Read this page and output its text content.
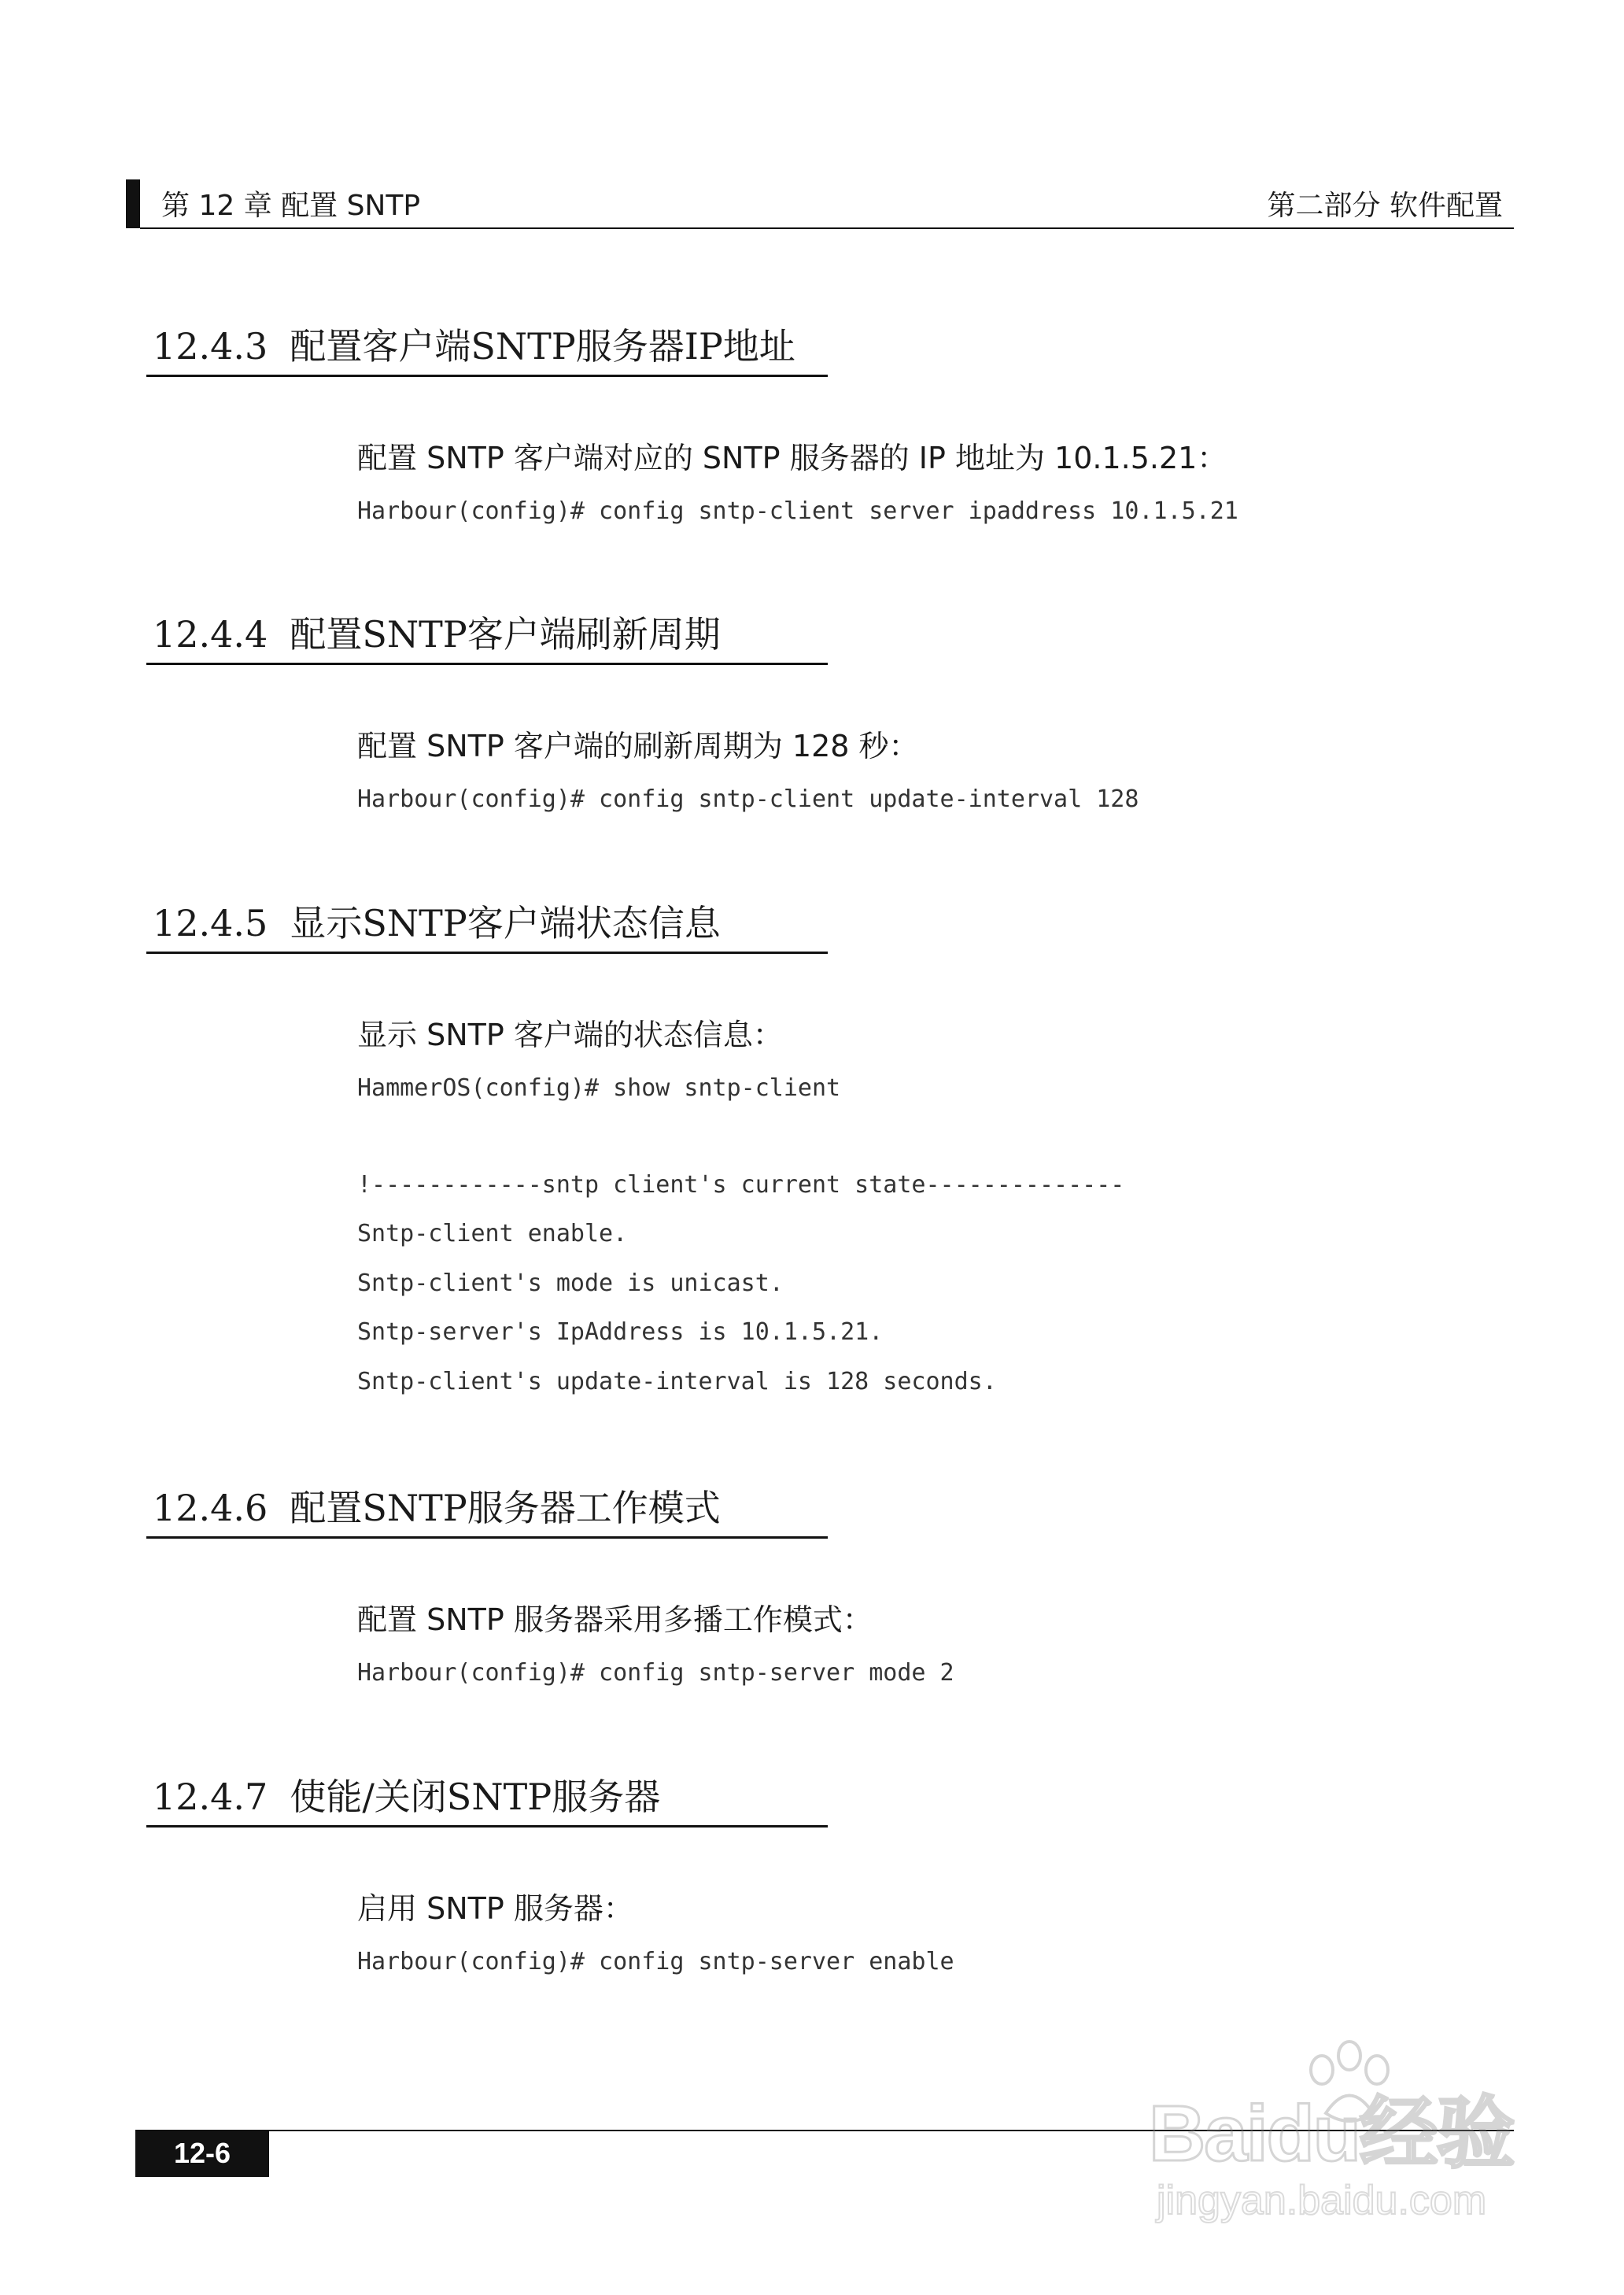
第 12 章 配置 SNTP	第二部分 软件配置
12.4.3 配置客户端SNTP服务器IP地址
配置 SNTP 客户端对应的 SNTP 服务器的 IP 地址为 10.1.5.21：
Harbour(config)# config sntp-client server ipaddress 10.1.5.21
12.4.4 配置SNTP客户端刷新周期
配置 SNTP 客户端的刷新周期为 128 秒：
Harbour(config)# config sntp-client update-interval 128
12.4.5 显示SNTP客户端状态信息
显示 SNTP 客户端的状态信息：
HammerOS(config)# show sntp-client
!------------sntp client's current state--------------
Sntp-client enable.
Sntp-client's mode is unicast.
Sntp-server's IpAddress is 10.1.5.21.
Sntp-client's update-interval is 128 seconds.
12.4.6 配置SNTP服务器工作模式
配置 SNTP 服务器采用多播工作模式：
Harbour(config)# config sntp-server mode 2
12.4.7 使能/关闭SNTP服务器
启用 SNTP 服务器：
Harbour(config)# config sntp-server enable
12-6	Baidu经验
jingyan.baidu.com
